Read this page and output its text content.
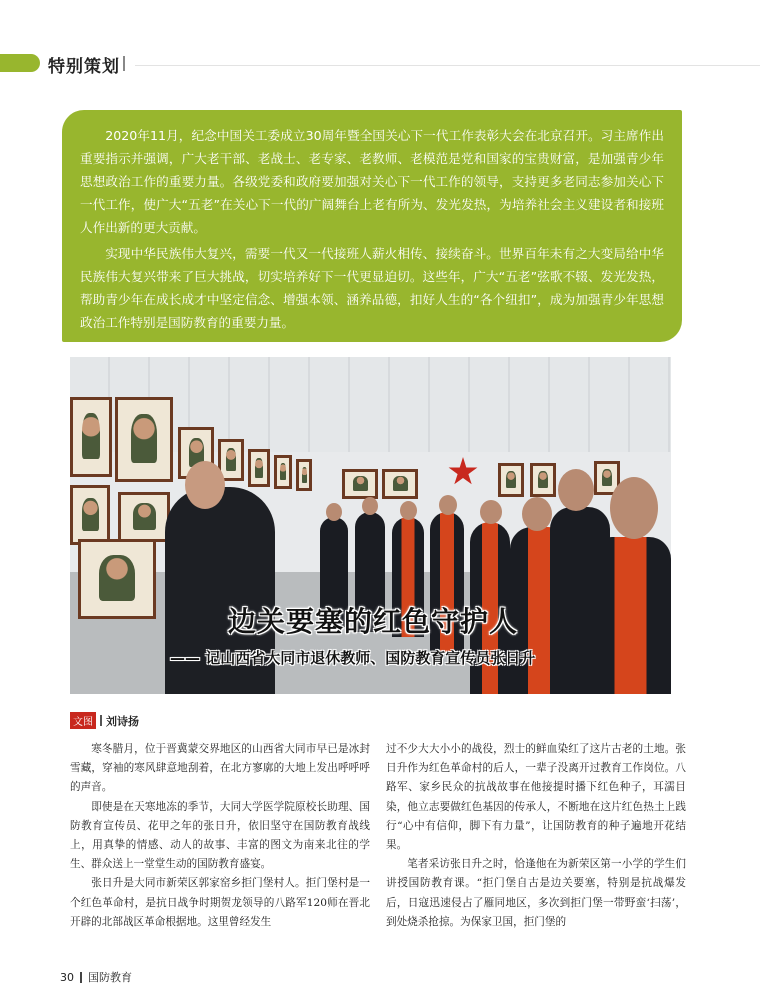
特别策划

2020年11月，纪念中国关工委成立30周年暨全国关心下一代工作表彰大会在北京召开。习主席作出重要指示并强调，广大老干部、老战士、老专家、老教师、老模范是党和国家的宝贵财富，是加强青少年思想政治工作的重要力量。各级党委和政府要加强对关心下一代工作的领导，支持更多老同志参加关心下一代工作，使广大“五老”在关心下一代的广阔舞台上老有所为、发光发热，为培养社会主义建设者和接班人作出新的更大贡献。

实现中华民族伟大复兴，需要一代又一代接班人薪火相传、接续奋斗。世界百年未有之大变局给中华民族伟大复兴带来了巨大挑战，切实培养好下一代更显迫切。这些年，广大“五老”弦歌不辍、发光发热，帮助青少年在成长成才中坚定信念、增强本领、涵养品德，扣好人生的“各个纽扣”，成为加强青少年思想政治工作特别是国防教育的重要力量。

边关要塞的红色守护人
—— 记山西省大同市退休教师、国防教育宣传员张日升
文图 刘诗扬

寒冬腊月，位于晋冀蒙交界地区的山西省大同市早已是冰封雪藏，穿袖的寒风肆意地刮着，在北方寥廓的大地上发出呼呼呼的声音。

即使是在天寒地冻的季节，大同大学医学院原校长助理、国防教育宣传员、花甲之年的张日升，依旧坚守在国防教育战线上，用真挚的情感、动人的故事、丰富的图文为南来北往的学生、群众送上一堂堂生动的国防教育盛宴。

张日升是大同市新荣区郭家窑乡拒门堡村人。拒门堡村是一个红色革命村，是抗日战争时期贺龙领导的八路军120师在晋北开辟的北部战区革命根据地。这里曾经发生

过不少大大小小的战役，烈士的鲜血染红了这片古老的土地。张日升作为红色革命村的后人，一辈子没离开过教育工作岗位。八路军、家乡民众的抗战故事在他接提时播下红色种子，耳濡目染，他立志要做红色基因的传承人，不断地在这片红色热土上践行“心中有信仰，脚下有力量”，让国防教育的种子遍地开花结果。

笔者采访张日升之时，恰逢他在为新荣区第一小学的学生们讲授国防教育课。“拒门堡自古是边关要塞，特别是抗战爆发后，日寇迅速侵占了雁同地区，多次到拒门堡一带野蛮‘扫荡’，到处烧杀抢掠。为保家卫国，拒门堡的

30 国防教育
